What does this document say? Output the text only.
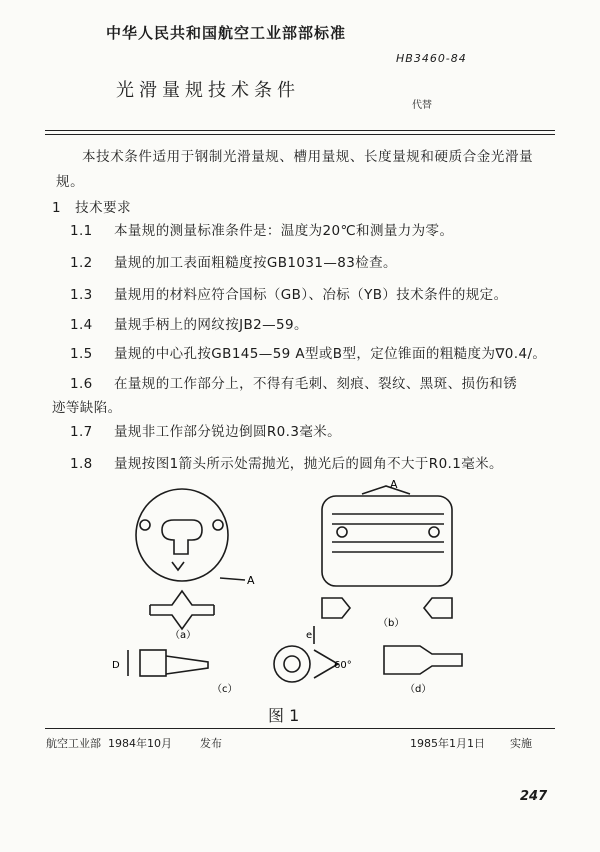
中华人民共和国航空工业部部标准
HB3460-84
光滑量规技术条件
代替
本技术条件适用于钢制光滑量规、槽用量规、长度量规和硬质合金光滑量规。
1　技术要求
1.1 本量规的测量标准条件是：温度为20℃和测量力为零。
1.2 量规的加工表面粗糙度按GB1031—83检查。
1.3 量规用的材料应符合国标（GB）、冶标（YB）技术条件的规定。
1.4 量规手柄上的网纹按JB2—59。
1.5 量规的中心孔按GB145—59 A型或B型，定位锥面的粗糙度为∇0.4/。
1.6 在量规的工作部分上，不得有毛刺、刻痕、裂纹、黑斑、损伤和锈
迹等缺陷。
1.7 量规非工作部分锐边倒圆R0.3毫米。
1.8 量规按图1箭头所示处需抛光，抛光后的圆角不大于R0.1毫米。
A
A
（a）
（b）
（c）	（d）
D
e
60°
图 1
航空工业部 1984年10月	发布	1985年1月1日 实施
247
